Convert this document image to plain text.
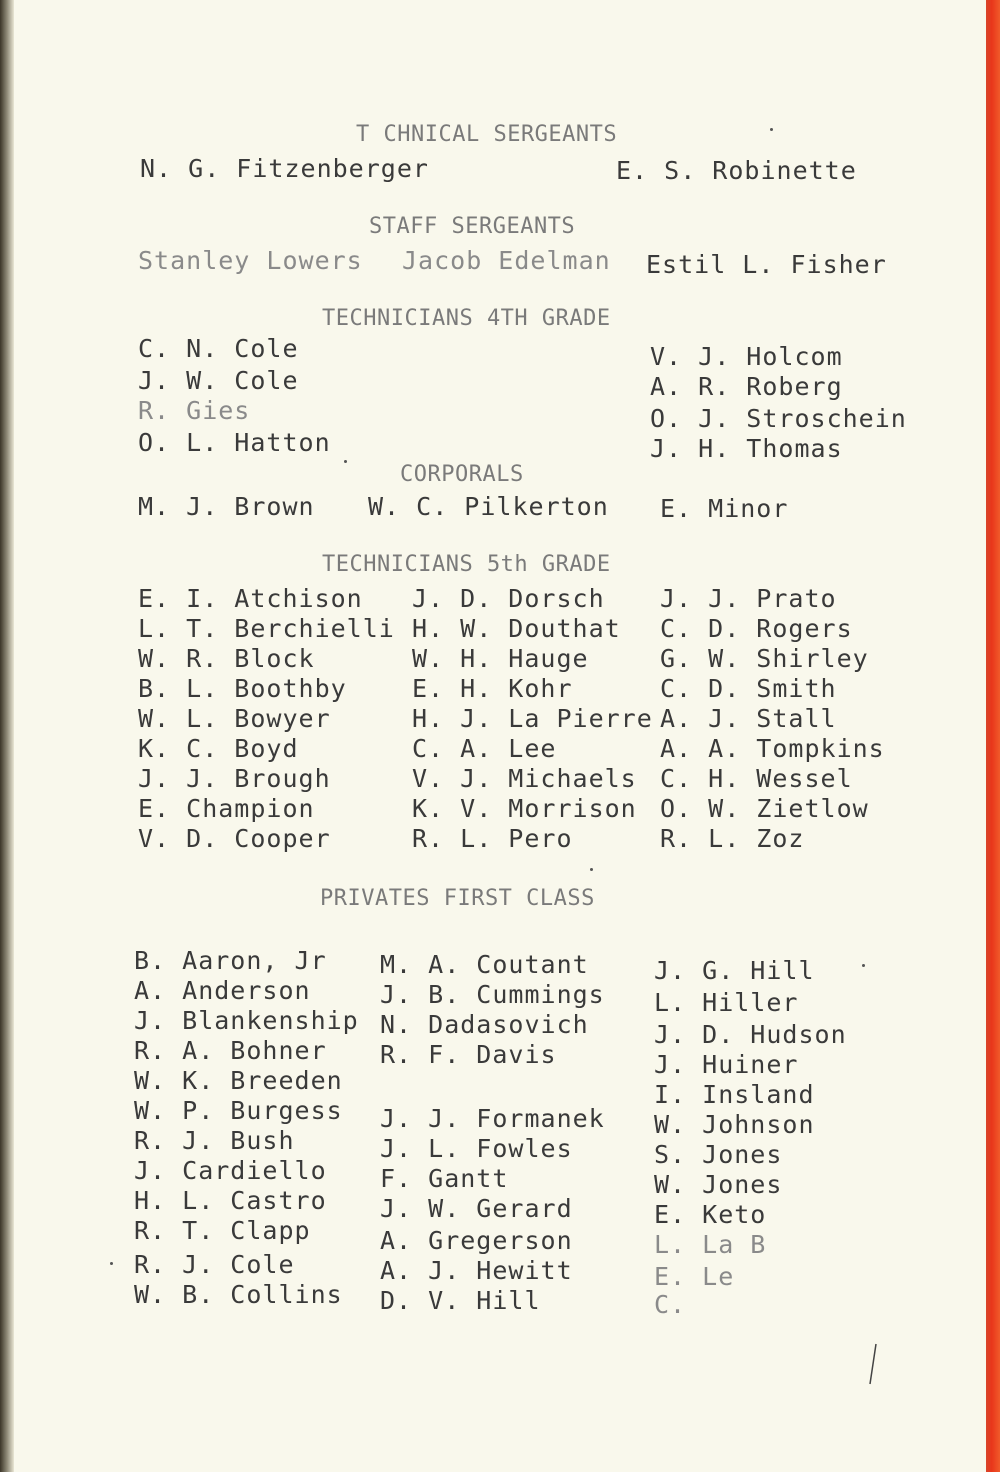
T CHNICAL SERGEANTS
N. G. Fitzenberger	E. S. Robinette
STAFF SERGEANTS
Stanley Lowers Jacob Edelman Estil L. Fisher
TECHNICIANS 4TH GRADE
C. N. Cole
J. W. Cole
R. Gies
O. L. Hatton
V. J. Holcom
A. R. Roberg
O. J. Stroschein
J. H. Thomas
CORPORALS
M. J. Brown W. C. Pilkerton E. Minor
TECHNICIANS 5th GRADE
E. I. Atchison
L. T. Berchielli
W. R. Block
B. L. Boothby
W. L. Bowyer
K. C. Boyd
J. J. Brough
E. Champion
V. D. Cooper
J. D. Dorsch
H. W. Douthat
W. H. Hauge
E. H. Kohr
H. J. La Pierre
C. A. Lee
V. J. Michaels
K. V. Morrison
R. L. Pero
J. J. Prato
C. D. Rogers
G. W. Shirley
C. D. Smith
A. J. Stall
A. A. Tompkins
C. H. Wessel
O. W. Zietlow
R. L. Zoz
PRIVATES FIRST CLASS
B. Aaron, Jr
A. Anderson
J. Blankenship
R. A. Bohner
W. K. Breeden
W. P. Burgess
R. J. Bush
J. Cardiello
H. L. Castro
R. T. Clapp
R. J. Cole
W. B. Collins
M. A. Coutant
J. B. Cummings
N. Dadasovich
R. F. Davis
J. J. Formanek
J. L. Fowles
F. Gantt
J. W. Gerard
A. Gregerson
A. J. Hewitt
D. V. Hill
J. G. Hill
L. Hiller
J. D. Hudson
J. Huiner
I. Insland
W. Johnson
S. Jones
W. Jones
E. Keto
L. La B
E. Le
C.
